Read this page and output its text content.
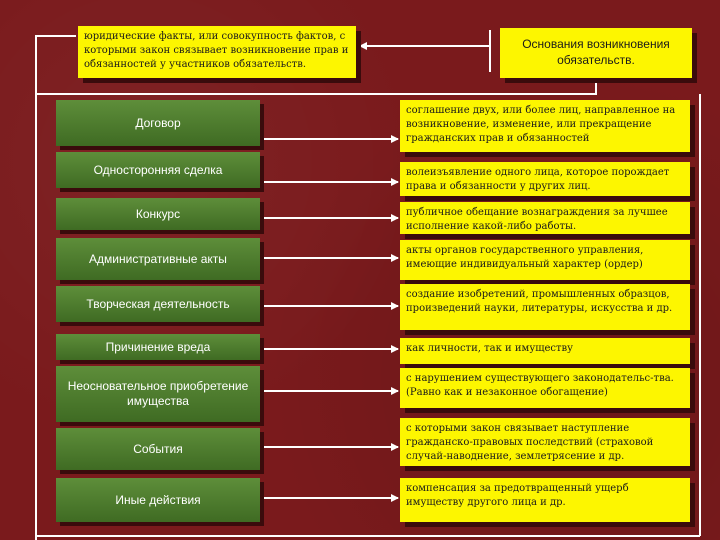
юридические факты, или совокупность фактов, с которыми закон связывает возникновение прав и обязанностей у участников обязательств.
Основания возникновения обязательств.
Договор
Односторонняя сделка
Конкурс
Административные акты
Творческая деятельность
Причинение вреда
Неосновательное приобретение имущества
События
Иные действия
соглашение двух, или более лиц, направленное на возникновение, изменение, или прекращение гражданских прав и обязанностей
волеизъявление одного лица, которое порождает права и обязанности у других лиц.
публичное обещание вознаграждения за лучшее исполнение какой-либо работы.
акты органов государственного управления, имеющие индивидуальный характер (ордер)
создание изобретений, промышленных образцов, произведений науки, литературы, искусства и др.
как личности, так и имуществу
с нарушением существующего законодательс-тва. (Равно как и незаконное обогащение)
с которыми закон связывает наступление гражданско-правовых последствий (страховой случай-наводнение, землетрясение и др.
компенсация за предотвращенный ущерб имуществу другого лица и др.
